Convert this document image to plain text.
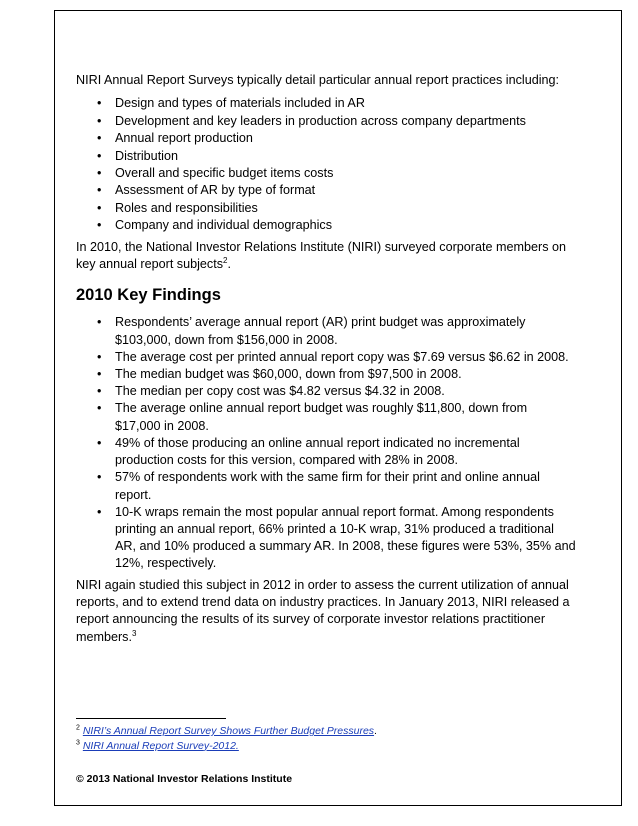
NIRI Annual Report Surveys typically detail particular annual report practices including:

• Design and types of materials included in AR
• Development and key leaders in production across company departments
• Annual report production
• Distribution
• Overall and specific budget items costs
• Assessment of AR by type of format
• Roles and responsibilities
• Company and individual demographics

In 2010, the National Investor Relations Institute (NIRI) surveyed corporate members on key annual report subjects$^2$.

2010 Key Findings
• Respondents’ average annual report (AR) print budget was approximately $103,000, down from $156,000 in 2008.
• The average cost per printed annual report copy was $7.69 versus $6.62 in 2008.
• The median budget was $60,000, down from $97,500 in 2008.
• The median per copy cost was $4.82 versus $4.32 in 2008.
• The average online annual report budget was roughly $11,800, down from $17,000 in 2008.
• 49% of those producing an online annual report indicated no incremental production costs for this version, compared with 28% in 2008.
• 57% of respondents work with the same firm for their print and online annual report.
• 10-K wraps remain the most popular annual report format. Among respondents printing an annual report, 66% printed a 10-K wrap, 31% produced a traditional AR, and 10% produced a summary AR. In 2008, these figures were 53%, 35% and 12%, respectively.

NIRI again studied this subject in 2012 in order to assess the current utilization of annual reports, and to extend trend data on industry practices. In January 2013, NIRI released a report announcing the results of its survey of corporate investor relations practitioner members.$^3$

$^2$ NIRI’s Annual Report Survey Shows Further Budget Pressures.
$^3$ NIRI Annual Report Survey-2012.
© 2013 National Investor Relations Institute
